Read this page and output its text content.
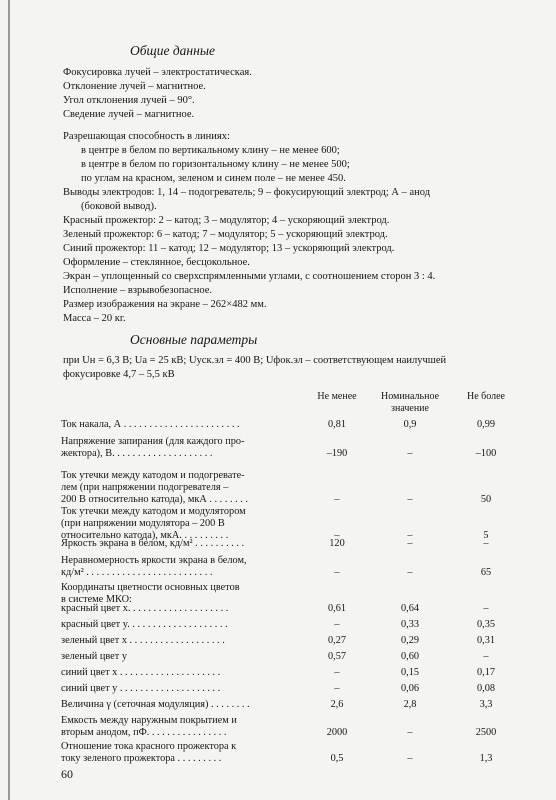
Общие данные
Фокусировка лучей – электростатическая.
Отклонение лучей – магнитное.
Угол отклонения лучей – 90°.
Сведение лучей – магнитное.
Разрешающая способность в линиях:
в центре в белом по вертикальному клину – не менее 600;
в центре в белом по горизонтальному клину – не менее 500;
по углам на красном, зеленом и синем поле – не менее 450.
Выводы электродов: 1, 14 – подогреватель; 9 – фокусирующий электрод; А – анод
(боковой вывод).
Красный прожектор: 2 – катод; 3 – модулятор; 4 – ускоряющий электрод.
Зеленый прожектор: 6 – катод; 7 – модулятор; 5 – ускоряющий электрод.
Синий прожектор: 11 – катод; 12 – модулятор; 13 – ускоряющий электрод.
Оформление – стеклянное, бесцокольное.
Экран – уплощенный со сверхспрямленными углами, с соотношением сторон 3 : 4.
Исполнение – взрывобезопасное.
Размер изображения на экране – 262×482 мм.
Масса – 20 кг.
Основные параметры
при Uн = 6,3 В; Uа = 25 кВ; Uуск.эл = 400 В; Uфок.эл – соответствующем наилучшей
фокусировке 4,7 – 5,5 кВ
Не менее	Номинальное
значение
Не более
Ток накала, А . . . . . . . . . . . . . . . . . . . . . . .	0,81	0,9	0,99
Напряжение запирания (для каждого про-
жектора), В. . . . . . . . . . . . . . . . . . . .	–190	–	–100
Ток утечки между катодом и подогревате-
лем (при напряжении подогревателя –
200 В относительно катода), мкА . . . . . . . .	–	–	50
Ток утечки между катодом и модулятором
(при напряжении модулятора – 200 В
относительно катода), мкА. . . . . . . . . .	–	–	5
Яркость экрана в белом, кд/м² . . . . . . . . . .	120	–	–
Неравномерность яркости экрана в белом,
кд/м² . . . . . . . . . . . . . . . . . . . . . . . . .	–	–	65
Координаты цветности основных цветов
в системе МКО:
красный цвет x. . . . . . . . . . . . . . . . . . . .	0,61	0,64	–
красный цвет y. . . . . . . . . . . . . . . . . . . .	–	0,33	0,35
зеленый цвет x . . . . . . . . . . . . . . . . . . .	0,27	0,29	0,31
зеленый цвет y	0,57	0,60	–
синий цвет x . . . . . . . . . . . . . . . . . . . .	–	0,15	0,17
синий цвет y . . . . . . . . . . . . . . . . . . . .	–	0,06	0,08
Величина γ (сеточная модуляция) . . . . . . . .	2,6	2,8	3,3
Емкость между наружным покрытием и
вторым анодом, пФ. . . . . . . . . . . . . . . .	2000	–	2500
Отношение тока красного прожектора к
току зеленого прожектора . . . . . . . . .	0,5	–	1,3
60
